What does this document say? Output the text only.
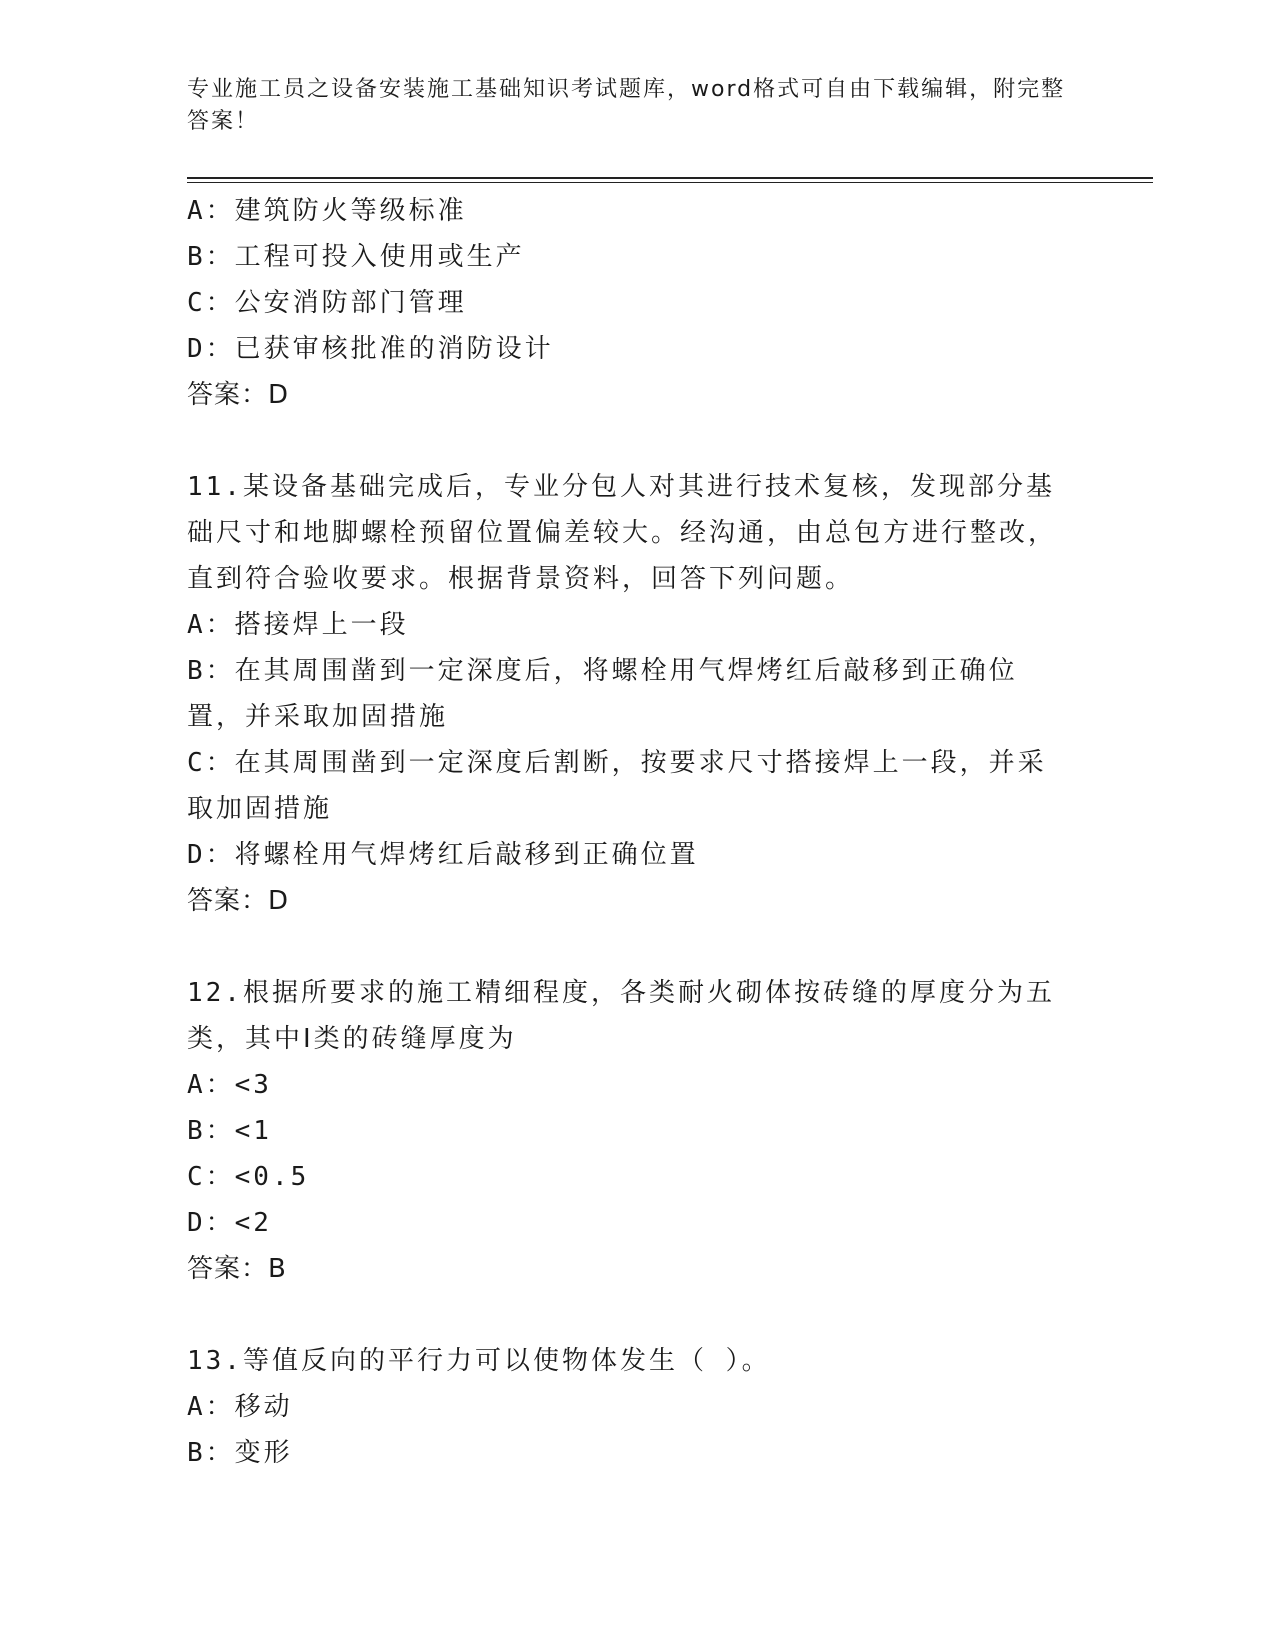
专业施工员之设备安装施工基础知识考试题库，word格式可自由下载编辑，附完整答案！
A：建筑防火等级标准
B：工程可投入使用或生产
C：公安消防部门管理
D：已获审核批准的消防设计
答案：D
11.某设备基础完成后，专业分包人对其进行技术复核，发现部分基础尺寸和地脚螺栓预留位置偏差较大。经沟通，由总包方进行整改，直到符合验收要求。根据背景资料，回答下列问题。
A：搭接焊上一段
B：在其周围凿到一定深度后，将螺栓用气焊烤红后敲移到正确位置，并采取加固措施
C：在其周围凿到一定深度后割断，按要求尺寸搭接焊上一段，并采取加固措施
D：将螺栓用气焊烤红后敲移到正确位置
答案：D
12.根据所要求的施工精细程度，各类耐火砌体按砖缝的厚度分为五类，其中Ⅰ类的砖缝厚度为
A：<3
B：<1
C：<0.5
D：<2
答案：B
13.等值反向的平行力可以使物体发生（ ）。
A：移动
B：变形
